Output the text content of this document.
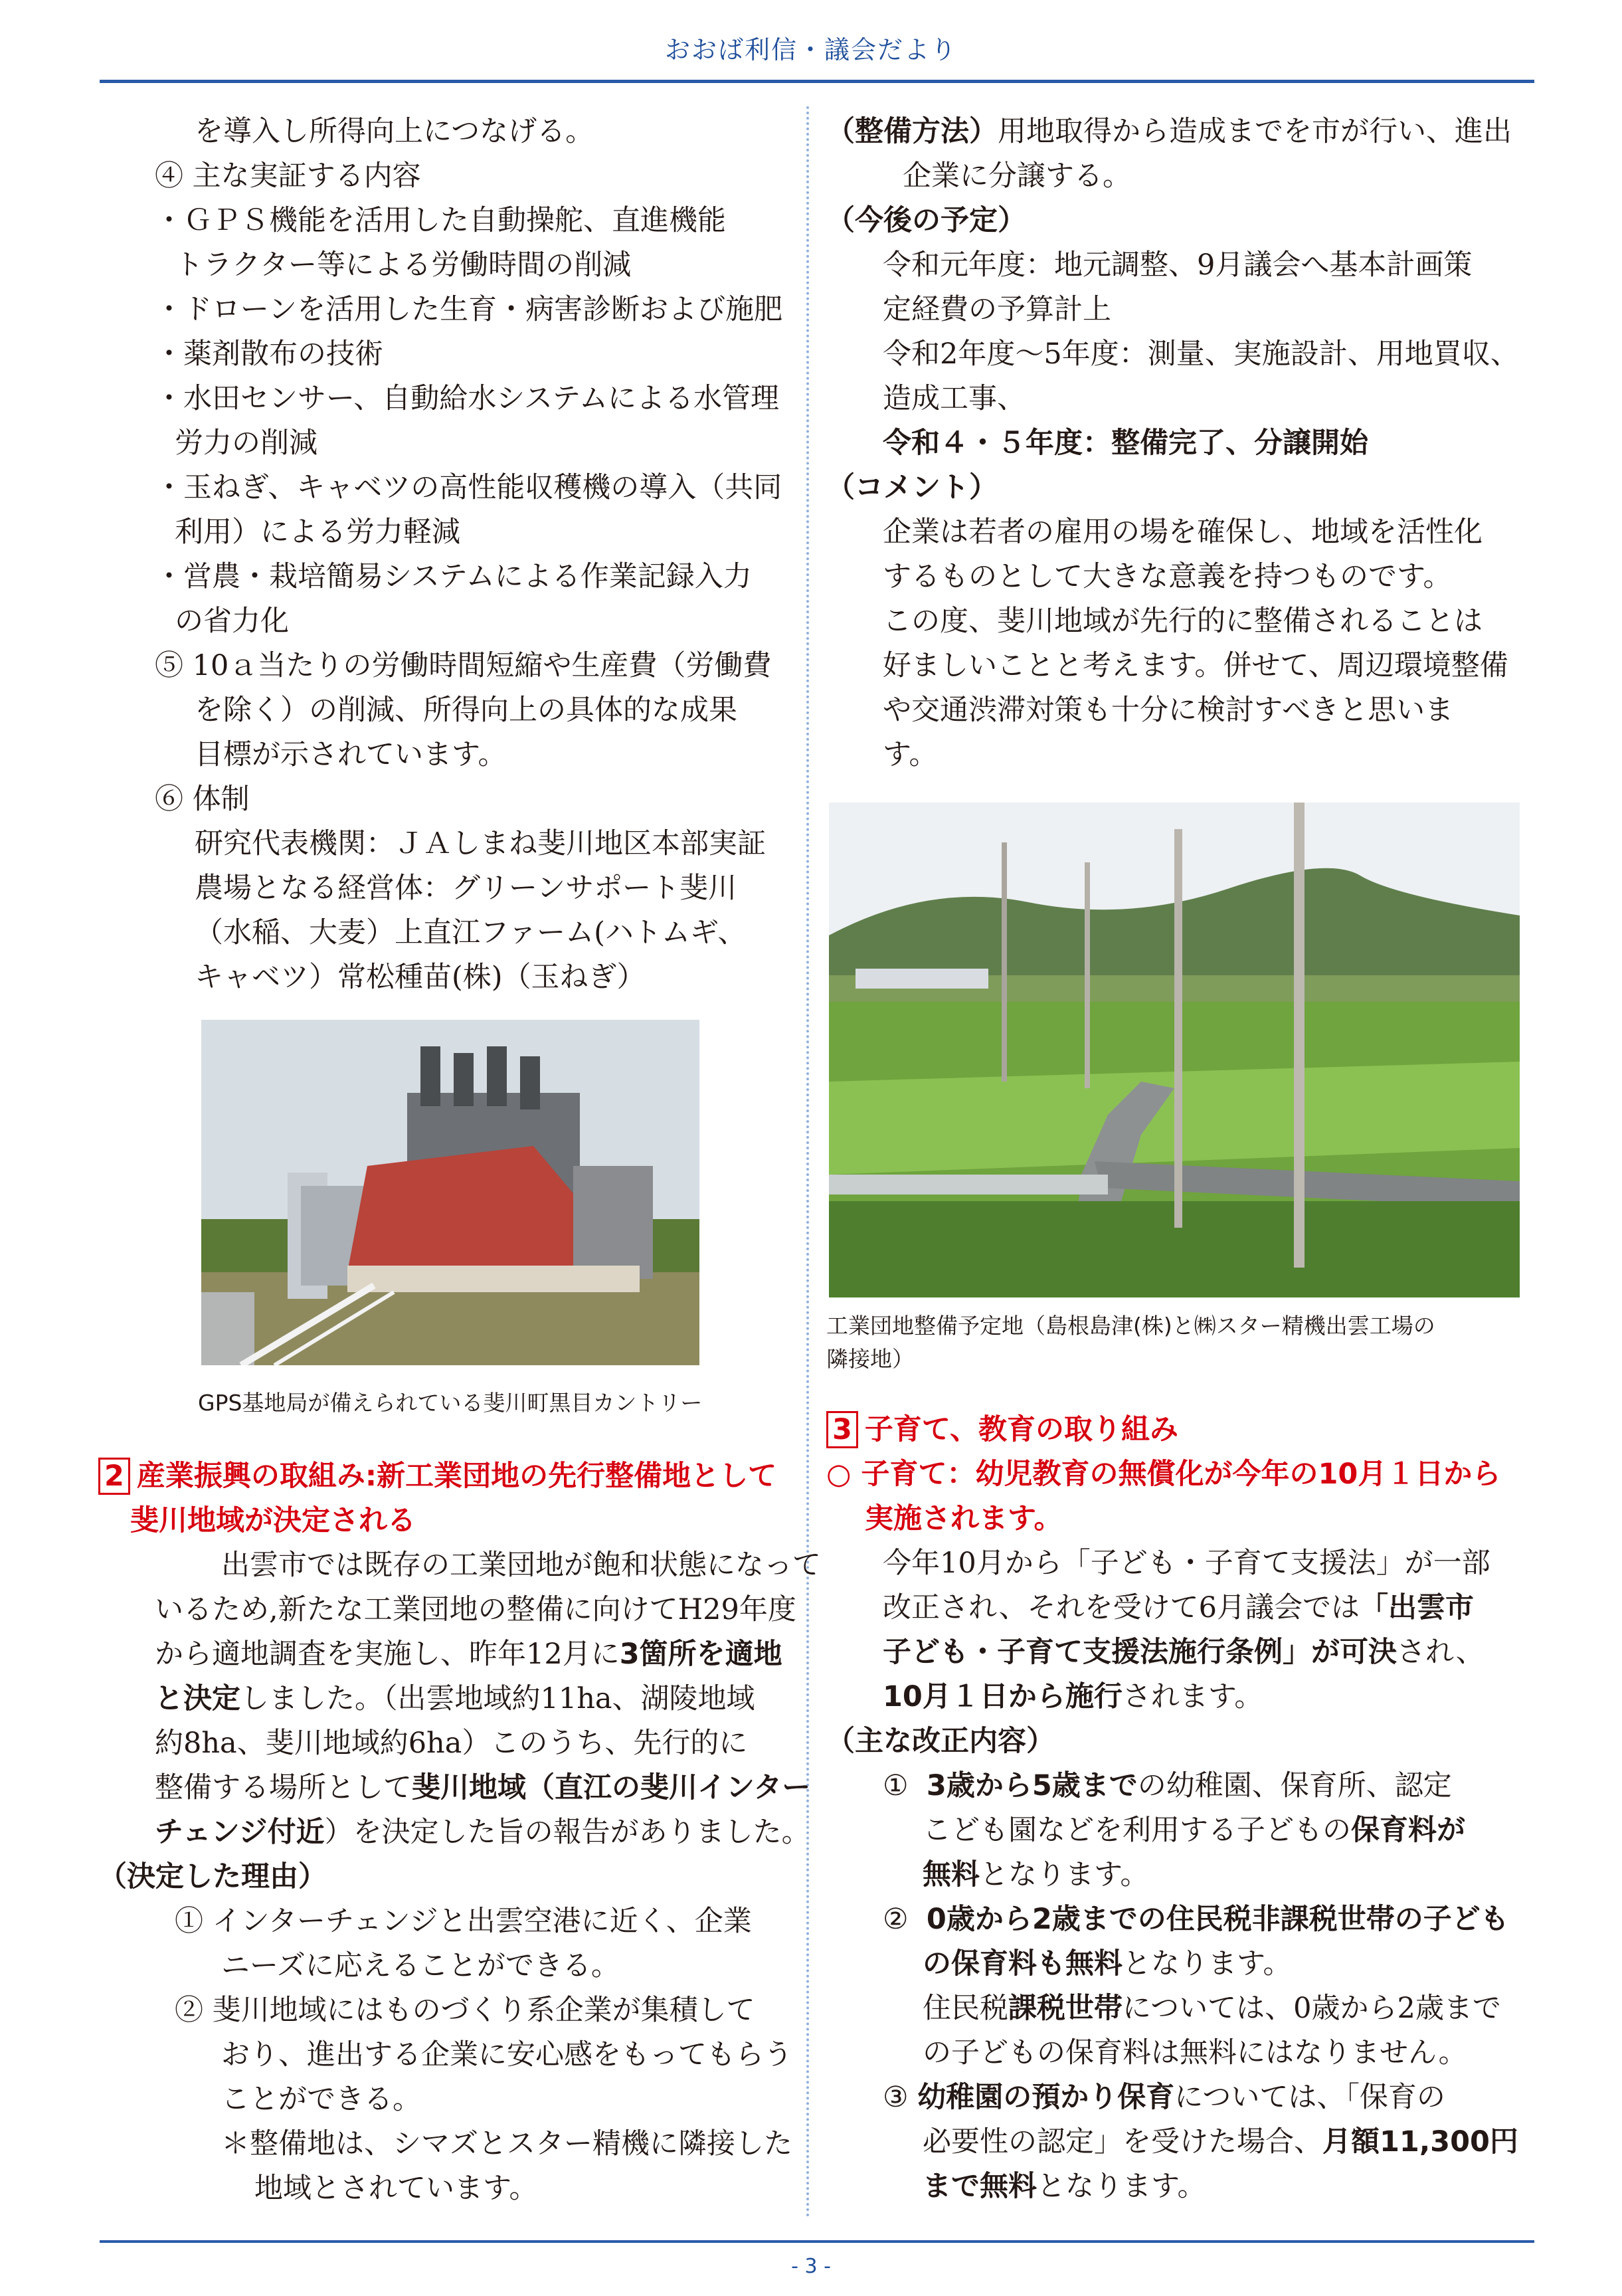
おおば利信・議会だより
を導入し所得向上につなげる。
④ 主な実証する内容
・ＧＰＳ機能を活用した自動操舵、直進機能
トラクター等による労働時間の削減
・ドローンを活用した生育・病害診断および施肥
・薬剤散布の技術
・水田センサー、自動給水システムによる水管理
労力の削減
・玉ねぎ、キャベツの高性能収穫機の導入（共同
利用）による労力軽減
・営農・栽培簡易システムによる作業記録入力
の省力化
⑤ 10ａ当たりの労働時間短縮や生産費（労働費
を除く）の削減、所得向上の具体的な成果
目標が示されています。
⑥ 体制
研究代表機関：ＪＡしまね斐川地区本部実証
農場となる経営体：グリーンサポート斐川
（水稲、大麦）上直江ファーム(ハトムギ、
キャベツ）常松種苗(株)（玉ねぎ）
GPS基地局が備えられている斐川町黒目カントリー
2 産業振興の取組み:新工業団地の先行整備地として
斐川地域が決定される
出雲市では既存の工業団地が飽和状態になって
いるため,新たな工業団地の整備に向けてH29年度
から適地調査を実施し、昨年12月に3箇所を適地
と決定しました。（出雲地域約11ha、湖陵地域
約8ha、斐川地域約6ha）このうち、先行的に
整備する場所として斐川地域（直江の斐川インター
チェンジ付近）を決定した旨の報告がありました。
（決定した理由）
① インターチェンジと出雲空港に近く、企業
ニーズに応えることができる。
② 斐川地域にはものづくり系企業が集積して
おり、進出する企業に安心感をもってもらう
ことができる。
＊整備地は、シマズとスター精機に隣接した
地域とされています。
（整備方法）用地取得から造成までを市が行い、進出
企業に分譲する。
（今後の予定）
令和元年度：地元調整、9月議会へ基本計画策
定経費の予算計上
令和2年度〜5年度：測量、実施設計、用地買収、
造成工事、
令和４・５年度：整備完了、分譲開始
（コメント）
企業は若者の雇用の場を確保し、地域を活性化
するものとして大きな意義を持つものです。
この度、斐川地域が先行的に整備されることは
好ましいことと考えます。併せて、周辺環境整備
や交通渋滞対策も十分に検討すべきと思いま
す。
工業団地整備予定地（島根島津(株)と㈱スター精機出雲工場の
隣接地）
3 子育て、教育の取り組み
○ 子育て：幼児教育の無償化が今年の10月１日から
実施されます。
今年10月から「子ども・子育て支援法」が一部
改正され、それを受けて6月議会では「出雲市
子ども・子育て支援法施行条例」が可決され、
10月１日から施行されます。
（主な改正内容）
① 3歳から5歳までの幼稚園、保育所、認定
こども園などを利用する子どもの保育料が
無料となります。
② 0歳から2歳までの住民税非課税世帯の子ども
の保育料も無料となります。
住民税課税世帯については、0歳から2歳まで
の子どもの保育料は無料にはなりません。
③ 幼稚園の預かり保育については、「保育の
必要性の認定」を受けた場合、月額11,300円
まで無料となります。
- 3 -
